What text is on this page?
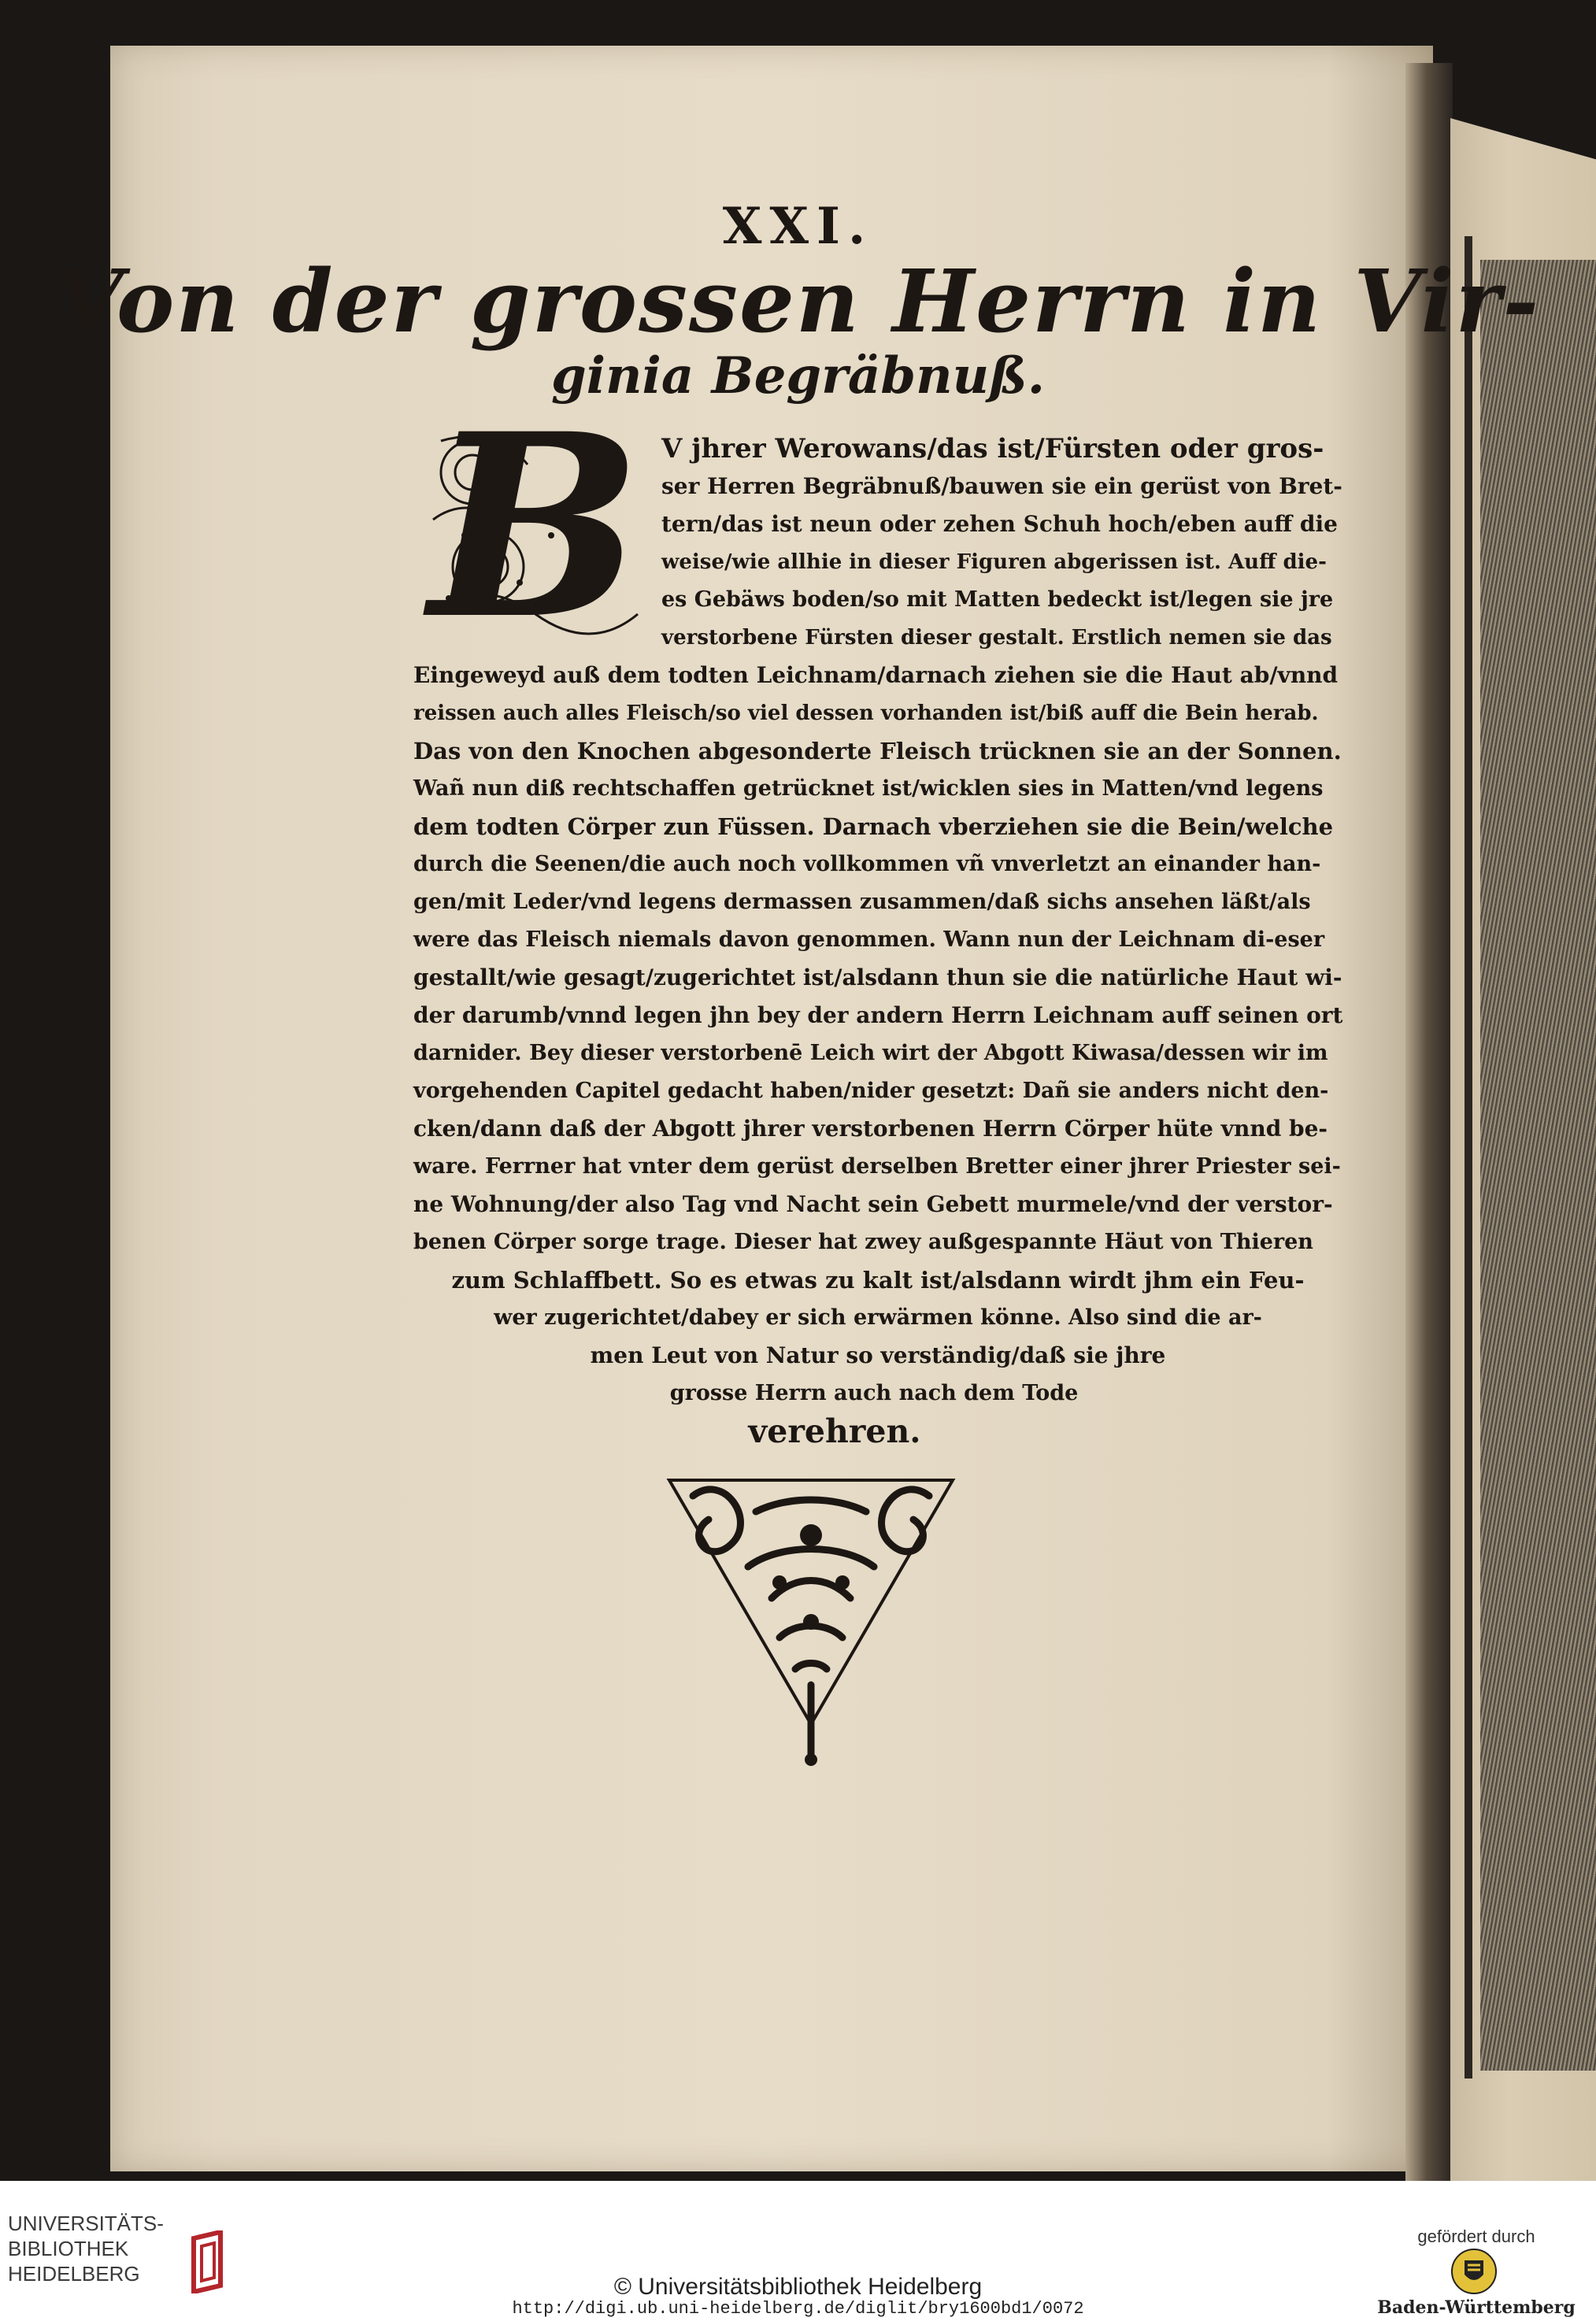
XXI.
Von der grossen Herrn in Vir-
ginia Begräbnuß.
B V jhrer Werowans/das ist/Fürsten oder gros-
ser Herren Begräbnuß/bauwen sie ein gerüst von Bret-
tern/das ist neun oder zehen Schuh hoch/eben auff die
weise/wie allhie in dieser Figuren abgerissen ist. Auff die-
es Gebäws boden/so mit Matten bedeckt ist/legen sie jre
verstorbene Fürsten dieser gestalt. Erstlich nemen sie das
Eingeweyd auß dem todten Leichnam/darnach ziehen sie die Haut ab/vnnd
reissen auch alles Fleisch/so viel dessen vorhanden ist/biß auff die Bein herab.
Das von den Knochen abgesonderte Fleisch trücknen sie an der Sonnen.
Wañ nun diß rechtschaffen getrücknet ist/wicklen sies in Matten/vnd legens
dem todten Cörper zun Füssen. Darnach vberziehen sie die Bein/welche
durch die Seenen/die auch noch vollkommen vñ vnverletzt an einander han-
gen/mit Leder/vnd legens dermassen zusammen/daß sichs ansehen läßt/als
were das Fleisch niemals davon genommen. Wann nun der Leichnam di-eser
gestallt/wie gesagt/zugerichtet ist/alsdann thun sie die natürliche Haut wi-
der darumb/vnnd legen jhn bey der andern Herrn Leichnam auff seinen ort
darnider. Bey dieser verstorbenē Leich wirt der Abgott Kiwasa/dessen wir im
vorgehenden Capitel gedacht haben/nider gesetzt: Dañ sie anders nicht den-
cken/dann daß der Abgott jhrer verstorbenen Herrn Cörper hüte vnnd be-
ware. Ferrner hat vnter dem gerüst derselben Bretter einer jhrer Priester sei-
ne Wohnung/der also Tag vnd Nacht sein Gebett murmele/vnd der verstor-
benen Cörper sorge trage. Dieser hat zwey außgespannte Häut von Thieren
zum Schlaffbett. So es etwas zu kalt ist/alsdann wirdt jhm ein Feu-
wer zugerichtet/dabey er sich erwärmen könne. Also sind die ar-
men Leut von Natur so verständig/daß sie jhre
grosse Herrn auch nach dem Tode
verehren.
UNIVERSITÄTS-
BIBLIOTHEK
HEIDELBERG	© Universitätsbibliothek Heidelberg
http://digi.ub.uni-heidelberg.de/diglit/bry1600bd1/0072
gefördert durch
Baden-Württemberg
